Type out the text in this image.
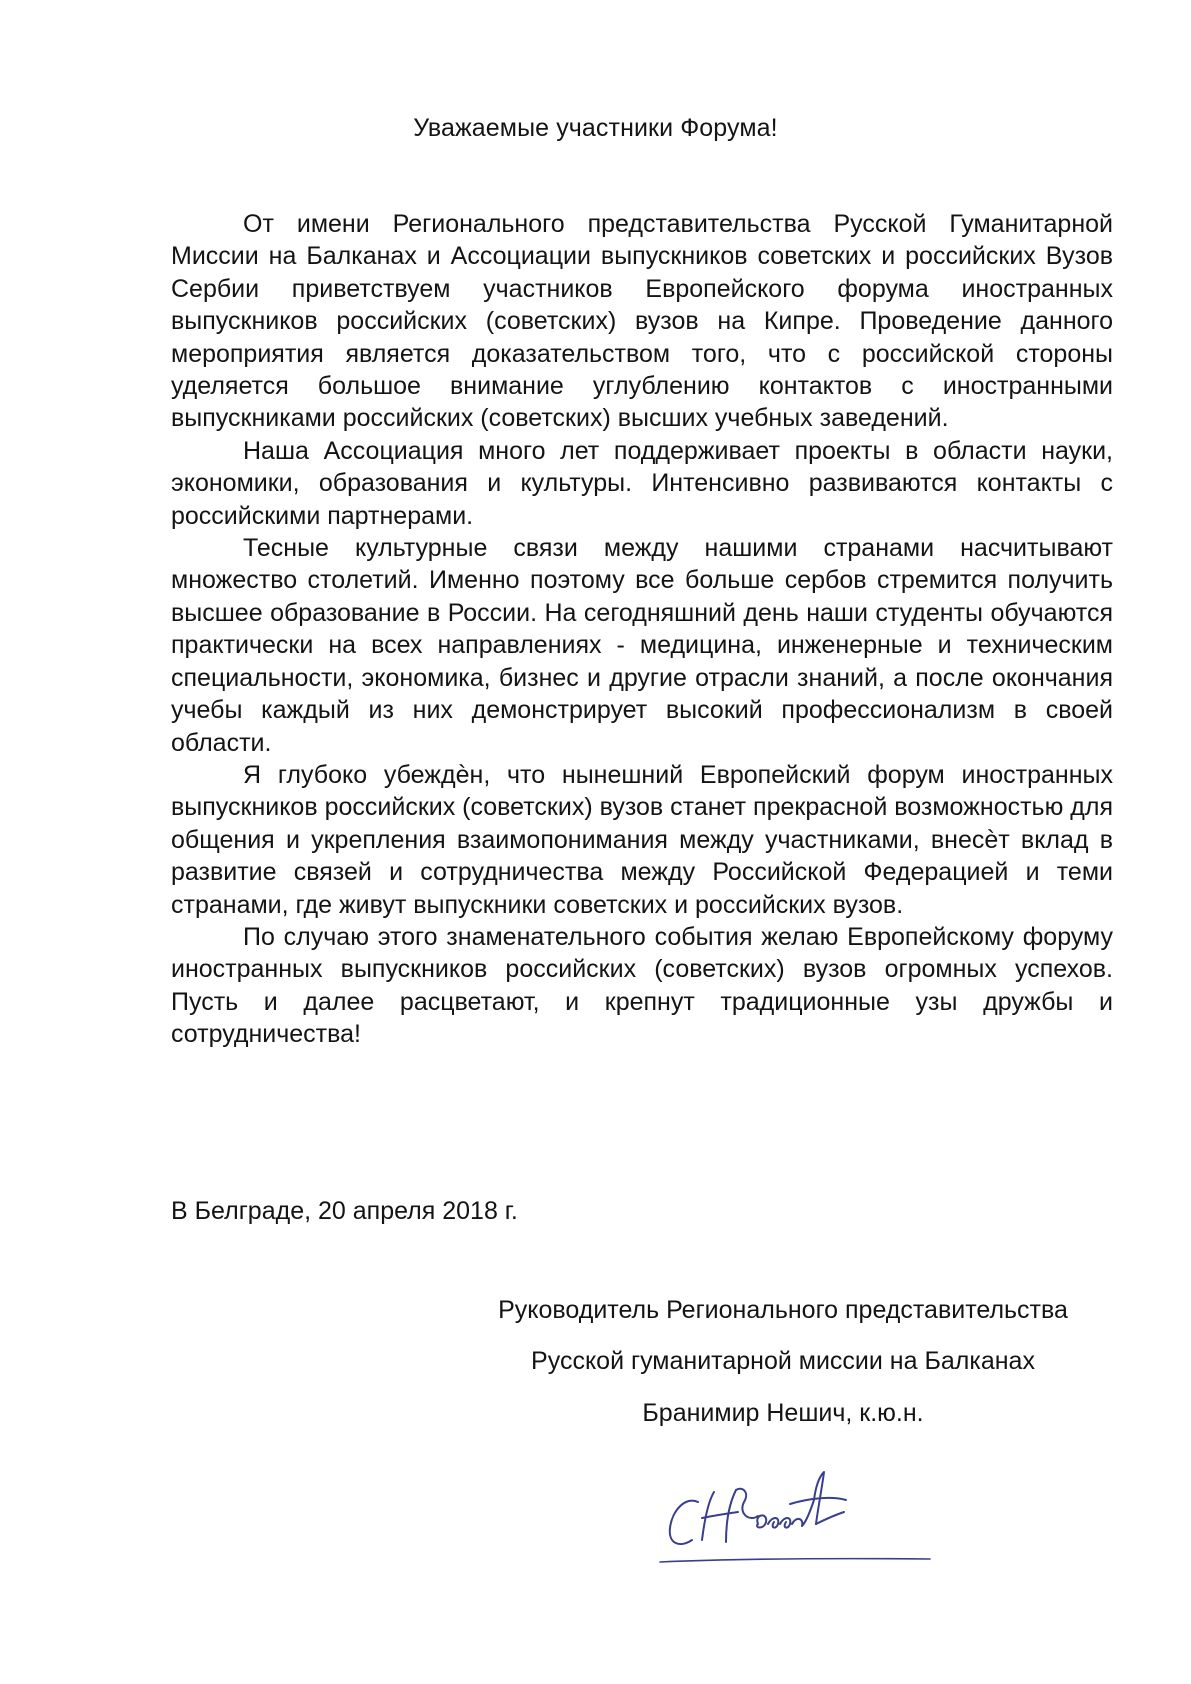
Уважаемые участники Форума!

От имени Регионального представительства Русской Гуманитарной Миссии на Балканах и Ассоциации выпускников советских и российских Вузов Сербии приветствуем участников Европейского форума иностранных выпускников российских (советских) вузов на Кипре. Проведение данного мероприятия является доказательством того, что с российской стороны уделяется большое внимание углублению контактов с иностранными выпускниками российских (советских) высших учебных заведений.

Наша Ассоциация много лет поддерживает проекты в области науки, экономики, образования и культуры. Интенсивно развиваются контакты с российскими партнерами.

Тесные культурные связи между нашими странами насчитывают множество столетий. Именно поэтому все больше сербов стремится получить высшее образование в России. На сегодняшний день наши студенты обучаются практически на всех направлениях - медицина, инженерные и техническим специальности, экономика, бизнес и другие отрасли знаний, а после окончания учебы каждый из них демонстрирует высокий профессионализм в своей области.

Я глубоко убеждѐн, что нынешний Европейский форум иностранных выпускников российских (советских) вузов станет прекрасной возможностью для общения и укрепления взаимопонимания между участниками, внесѐт вклад в развитие связей и сотрудничества между Российской Федерацией и теми странами, где живут выпускники советских и российских вузов.

По случаю этого знаменательного события желаю Европейскому форуму иностранных выпускников российских (советских) вузов огромных успехов. Пусть и далее расцветают, и крепнут традиционные узы дружбы и сотрудничества!

В Белграде, 20 апреля 2018 г.

Руководитель Регионального представительства

Русской гуманитарной миссии на Балканах

Бранимир Нешич, к.ю.н.
